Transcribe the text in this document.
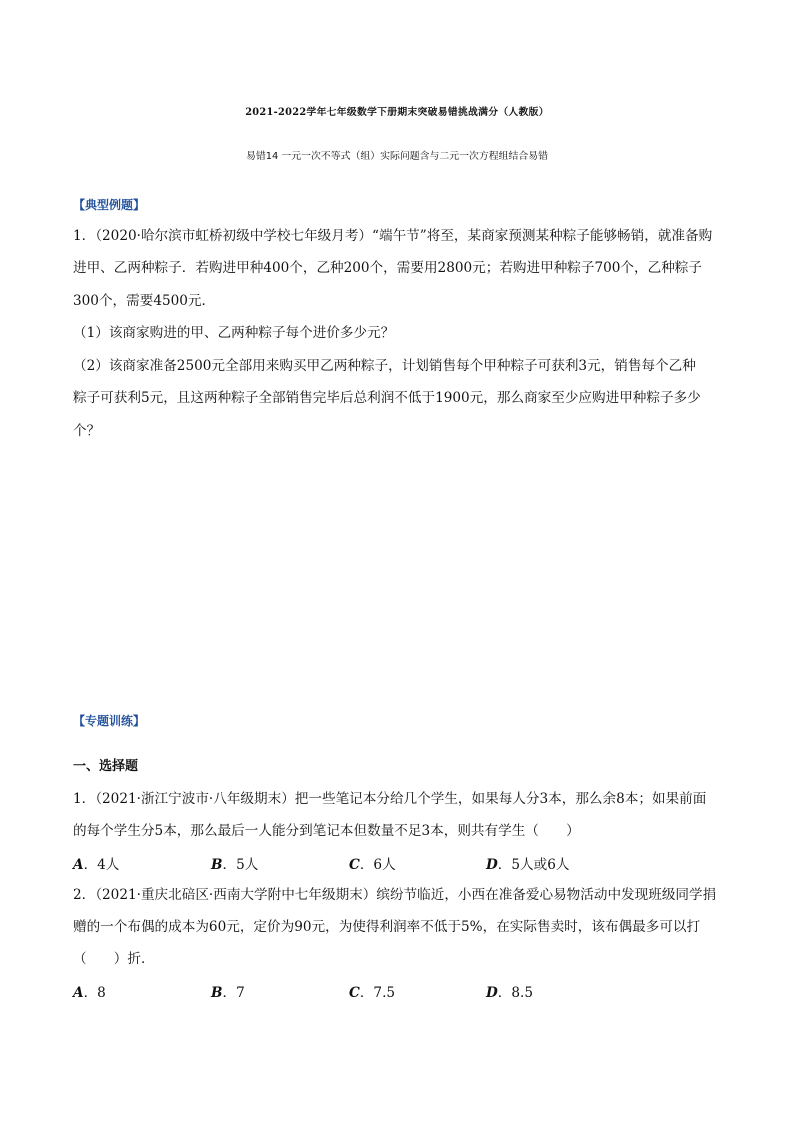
2021-2022学年七年级数学下册期末突破易错挑战满分（人教版）
易错14 一元一次不等式（组）实际问题含与二元一次方程组结合易错
【典型例题】
1．（2020·哈尔滨市虹桥初级中学校七年级月考）“端午节”将至，某商家预测某种粽子能够畅销，就准备购
进甲、乙两种粽子．若购进甲种400个，乙种200个，需要用2800元；若购进甲种粽子700个，乙种粽子
300个，需要4500元．
（1）该商家购进的甲、乙两种粽子每个进价多少元？
（2）该商家准备2500元全部用来购买甲乙两种粽子，计划销售每个甲种粽子可获利3元，销售每个乙种
粽子可获利5元，且这两种粽子全部销售完毕后总利润不低于1900元，那么商家至少应购进甲种粽子多少
个？
【专题训练】
一、选择题
1．（2021·浙江宁波市·八年级期末）把一些笔记本分给几个学生，如果每人分3本，那么余8本；如果前面
的每个学生分5本，那么最后一人能分到笔记本但数量不足3本，则共有学生（　　）
A．4人	B．5人	C．6人	D．5人或6人
2．（2021·重庆北碚区·西南大学附中七年级期末）缤纷节临近，小西在准备爱心易物活动中发现班级同学捐
赠的一个布偶的成本为60元，定价为90元，为使得利润率不低于5%，在实际售卖时，该布偶最多可以打
（　　）折．
A．8	B．7	C．7.5	D．8.5
